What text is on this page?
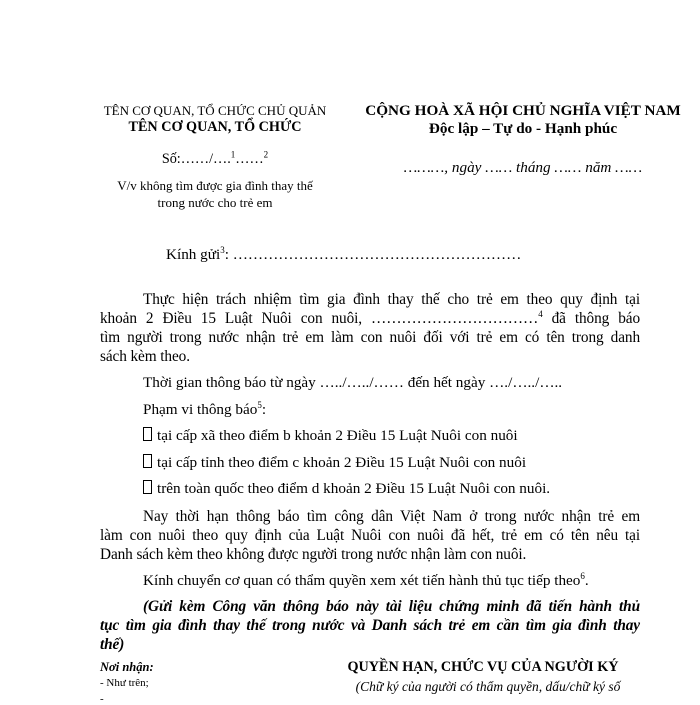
TÊN CƠ QUAN, TỔ CHỨC CHỦ QUẢN
TÊN CƠ QUAN, TỔ CHỨC
Số:……/….$^1$……$^2$
V/v không tìm được gia đình thay thế
trong nước cho trẻ em
CỘNG HOÀ XÃ HỘI CHỦ NGHĨA VIỆT NAM
Độc lập – Tự do - Hạnh phúc
………, ngày …… tháng …… năm ……
Kính gửi$^3$: …………………………………………………
Thực hiện trách nhiệm tìm gia đình thay thế cho trẻ em theo quy định tại
khoản 2 Điều 15 Luật Nuôi con nuôi, ……………………………$^4$ đã thông báo
tìm người trong nước nhận trẻ em làm con nuôi đối với trẻ em có tên trong danh
sách kèm theo.
Thời gian thông báo từ ngày …../…../…… đến hết ngày …./…../…..
Phạm vi thông báo$^5$:
tại cấp xã theo điểm b khoản 2 Điều 15 Luật Nuôi con nuôi
tại cấp tỉnh theo điểm c khoản 2 Điều 15 Luật Nuôi con nuôi
trên toàn quốc theo điểm d khoản 2 Điều 15 Luật Nuôi con nuôi.
Nay thời hạn thông báo tìm công dân Việt Nam ở trong nước nhận trẻ em
làm con nuôi theo quy định của Luật Nuôi con nuôi đã hết, trẻ em có tên nêu tại
Danh sách kèm theo không được người trong nước nhận làm con nuôi.
Kính chuyển cơ quan có thẩm quyền xem xét tiến hành thủ tục tiếp theo$^6$.
(Gửi kèm Công văn thông báo này tài liệu chứng minh đã tiến hành thủ
tục tìm gia đình thay thế trong nước và Danh sách trẻ em cần tìm gia đình thay
thế)
Nơi nhận:
- Như trên;
-
QUYỀN HẠN, CHỨC VỤ CỦA NGƯỜI KÝ
(Chữ ký của người có thẩm quyền, dấu/chữ ký số
